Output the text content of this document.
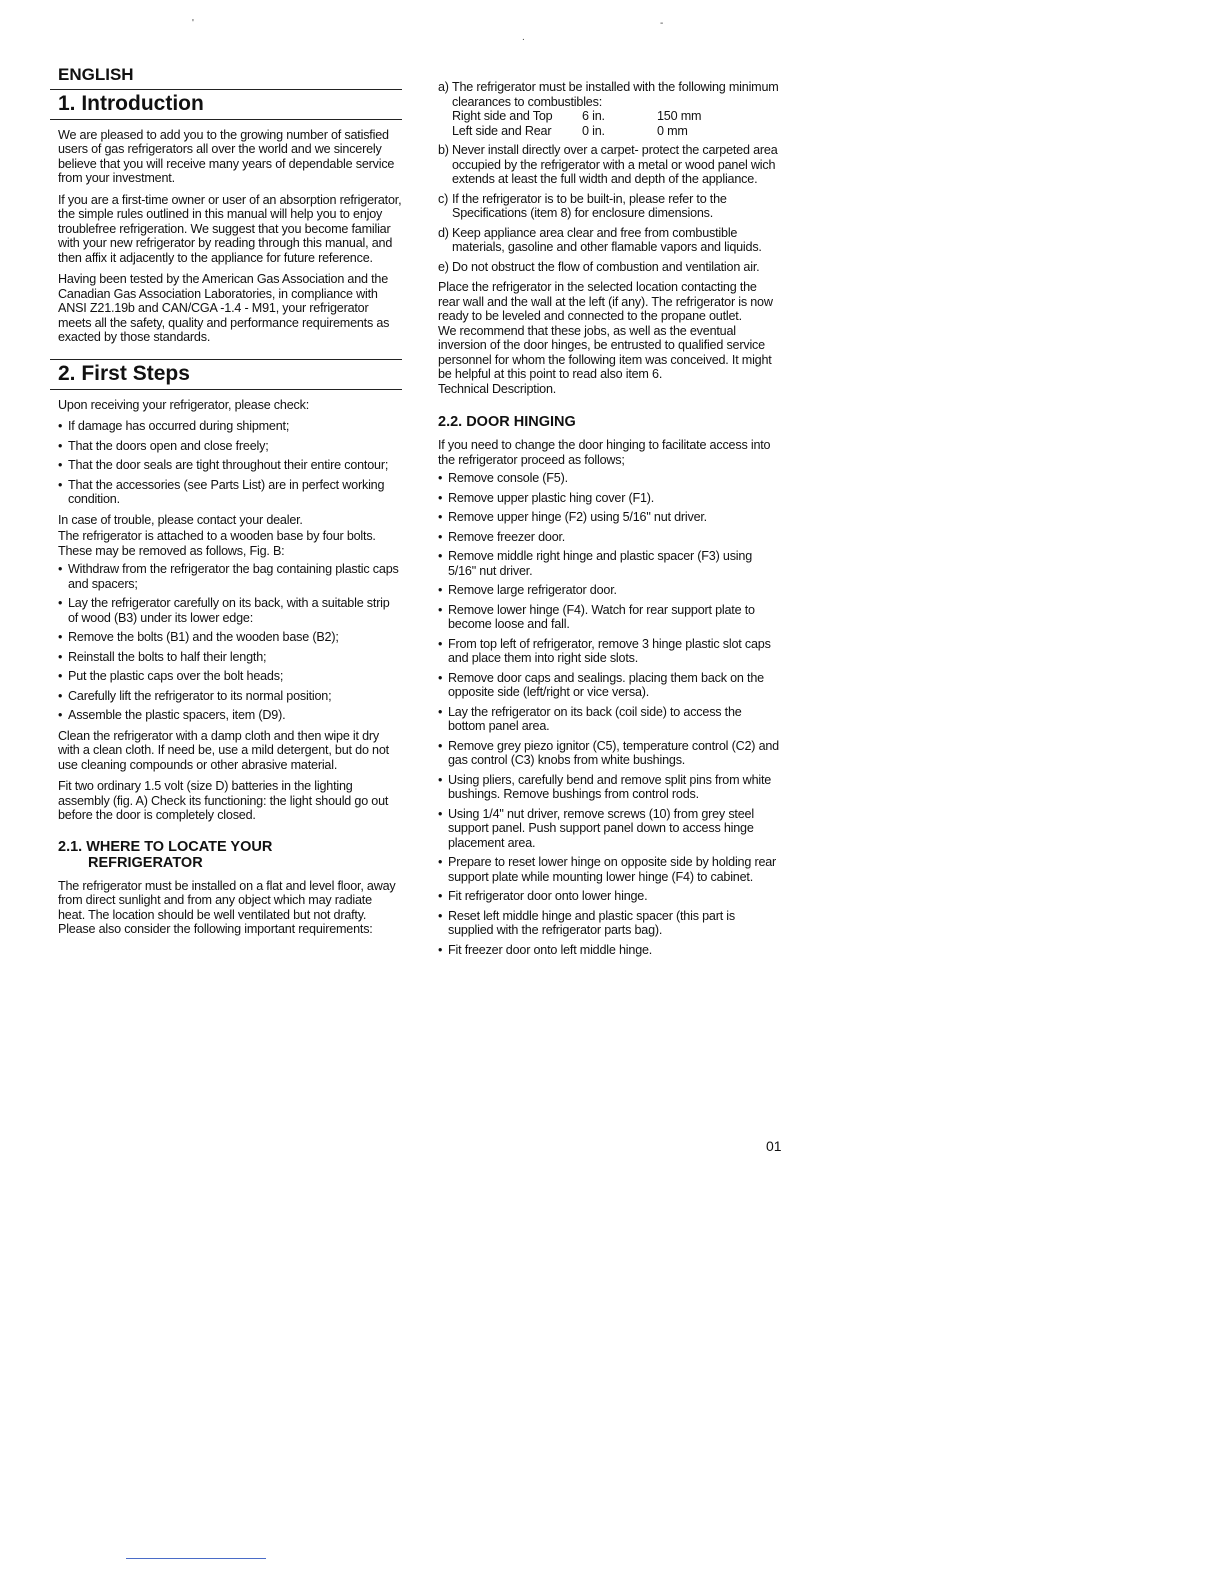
'
.
-
ENGLISH
1. Introduction

We are pleased to add you to the growing number of satisfied users of gas refrigerators all over the world and we sincerely believe that you will receive many years of dependable service from your investment.

If you are a first-time owner or user of an absorption refrigerator, the simple rules outlined in this manual will help you to enjoy troublefree refrigeration. We suggest that you become familiar with your new refrigerator by reading through this manual, and then affix it adjacently to the appliance for future reference.

Having been tested by the American Gas Association and the Canadian Gas Association Laboratories, in compliance with ANSI Z21.19b and CAN/CGA -1.4 - M91, your refrigerator meets all the safety, quality and performance requirements as exacted by those standards.

2. First Steps

Upon receiving your refrigerator, please check:

• If damage has occurred during shipment;
• That the doors open and close freely;
• That the door seals are tight throughout their entire contour;
• That the accessories (see Parts List) are in perfect working condition.

In case of trouble, please contact your dealer.

The refrigerator is attached to a wooden base by four bolts. These may be removed as follows, Fig. B:

• Withdraw from the refrigerator the bag containing plastic caps and spacers;
• Lay the refrigerator carefully on its back, with a suitable strip of wood (B3) under its lower edge:
• Remove the bolts (B1) and the wooden base (B2);
• Reinstall the bolts to half their length;
• Put the plastic caps over the bolt heads;
• Carefully lift the refrigerator to its normal position;
• Assemble the plastic spacers, item (D9).

Clean the refrigerator with a damp cloth and then wipe it dry with a clean cloth. If need be, use a mild detergent, but do not use cleaning compounds or other abrasive material.

Fit two ordinary 1.5 volt (size D) batteries in the lighting assembly (fig. A) Check its functioning: the light should go out before the door is completely closed.

2.1. WHERE TO LOCATE YOUR
REFRIGERATOR

The refrigerator must be installed on a flat and level floor, away from direct sunlight and from any object which may radiate heat. The location should be well ventilated but not drafty. Please also consider the following important requirements:

a) The refrigerator must be installed with the following minimum clearances to combustibles:
Right side and Top	6 in.	150 mm
Left side and Rear	0 in.	0 mm
b) Never install directly over a carpet- protect the carpeted area occupied by the refrigerator with a metal or wood panel wich extends at least the full width and depth of the appliance.
c) If the refrigerator is to be built-in, please refer to the Specifications (item 8) for enclosure dimensions.
d) Keep appliance area clear and free from combustible materials, gasoline and other flamable vapors and liquids.
e) Do not obstruct the flow of combustion and ventilation air.

Place the refrigerator in the selected location contacting the rear wall and the wall at the left (if any). The refrigerator is now ready to be leveled and connected to the propane outlet.

We recommend that these jobs, as well as the eventual inversion of the door hinges, be entrusted to qualified service personnel for whom the following item was conceived. It might be helpful at this point to read also item 6.

Technical Description.

2.2. DOOR HINGING

If you need to change the door hinging to facilitate access into the refrigerator proceed as follows;

• Remove console (F5).
• Remove upper plastic hing cover (F1).
• Remove upper hinge (F2) using 5/16" nut driver.
• Remove freezer door.
• Remove middle right hinge and plastic spacer (F3) using 5/16" nut driver.
• Remove large refrigerator door.
• Remove lower hinge (F4). Watch for rear support plate to become loose and fall.
• From top left of refrigerator, remove 3 hinge plastic slot caps and place them into right side slots.
• Remove door caps and sealings. placing them back on the opposite side (left/right or vice versa).
• Lay the refrigerator on its back (coil side) to access the bottom panel area.
• Remove grey piezo ignitor (C5), temperature control (C2) and gas control (C3) knobs from white bushings.
• Using pliers, carefully bend and remove split pins from white bushings. Remove bushings from control rods.
• Using 1/4" nut driver, remove screws (10) from grey steel support panel. Push support panel down to access hinge placement area.
• Prepare to reset lower hinge on opposite side by holding rear support plate while mounting lower hinge (F4) to cabinet.
• Fit refrigerator door onto lower hinge.
• Reset left middle hinge and plastic spacer (this part is supplied with the refrigerator parts bag).
• Fit freezer door onto left middle hinge.
01
